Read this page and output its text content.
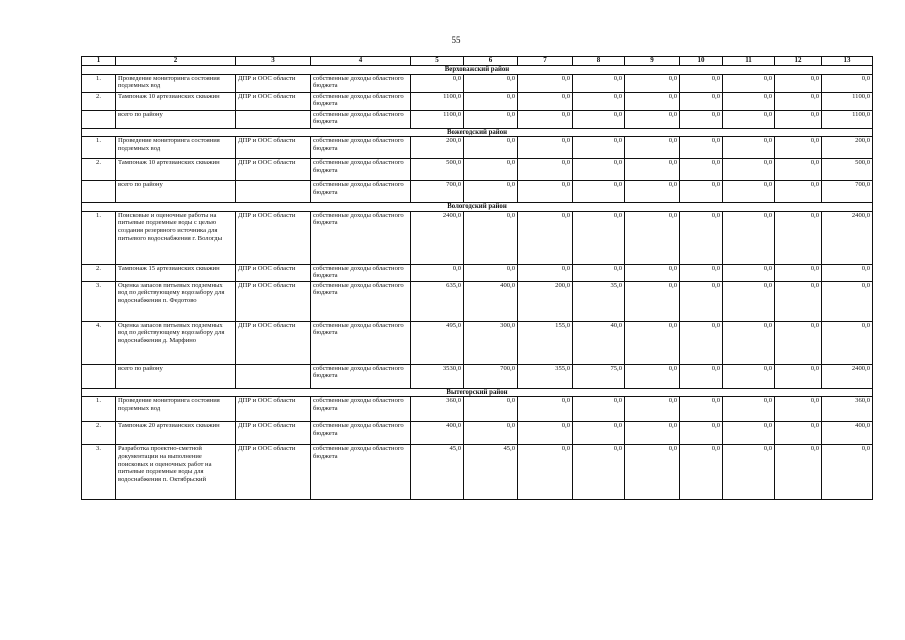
55
1	2	3	4	5	6	7	8	9	10	11	12	13
Верховажский район												
1.	Проведение мониторинга состояния подземных вод	ДПР и ООС области	собственные доходы областного бюджета	0,0	0,0	0,0	0,0	0,0	0,0	0,0	0,0	0,0
2.	Тампонаж 10 артезианских скважин	ДПР и ООС области	собственные доходы областного бюджета	1100,0	0,0	0,0	0,0	0,0	0,0	0,0	0,0	1100,0
	всего по району		собственные доходы областного бюджета	1100,0	0,0	0,0	0,0	0,0	0,0	0,0	0,0	1100,0
Вожегодский район												
1.	Проведение мониторинга состояния подземных вод	ДПР и ООС области	собственные доходы областного бюджета	200,0	0,0	0,0	0,0	0,0	0,0	0,0	0,0	200,0
2.	Тампонаж 10 артезианских скважин	ДПР и ООС области	собственные доходы областного бюджета	500,0	0,0	0,0	0,0	0,0	0,0	0,0	0,0	500,0
	всего по району		собственные доходы областного бюджета	700,0	0,0	0,0	0,0	0,0	0,0	0,0	0,0	700,0
Вологодский район												
1.	Поисковые и оценочные работы на питьевые подземные воды с целью создания резервного источника для питьевого водоснабжения г. Вологды	ДПР и ООС области	собственные доходы областного бюджета	2400,0	0,0	0,0	0,0	0,0	0,0	0,0	0,0	2400,0
2.	Тампонаж 15 артезианских скважин	ДПР и ООС области	собственные доходы областного бюджета	0,0	0,0	0,0	0,0	0,0	0,0	0,0	0,0	0,0
3.	Оценка запасов питьевых подземных вод по действующему водозабору для водоснабжения п. Федотово	ДПР и ООС области	собственные доходы областного бюджета	635,0	400,0	200,0	35,0	0,0	0,0	0,0	0,0	0,0
4.	Оценка запасов питьевых подземных вод по действующему водозабору для водоснабжения д. Марфино	ДПР и ООС области	собственные доходы областного бюджета	495,0	300,0	155,0	40,0	0,0	0,0	0,0	0,0	0,0
	всего по району		собственные доходы областного бюджета	3530,0	700,0	355,0	75,0	0,0	0,0	0,0	0,0	2400,0
Вытегорский район												
1.	Проведение мониторинга состояния подземных вод	ДПР и ООС области	собственные доходы областного бюджета	360,0	0,0	0,0	0,0	0,0	0,0	0,0	0,0	360,0
2.	Тампонаж 20 артезианских скважин	ДПР и ООС области	собственные доходы областного бюджета	400,0	0,0	0,0	0,0	0,0	0,0	0,0	0,0	400,0
3.	Разработка проектно-сметной документации на выполнение поисковых и оценочных работ на питьевые подземные воды для водоснабжения п. Октябрьский	ДПР и ООС области	собственные доходы областного бюджета	45,0	45,0	0,0	0,0	0,0	0,0	0,0	0,0	0,0
